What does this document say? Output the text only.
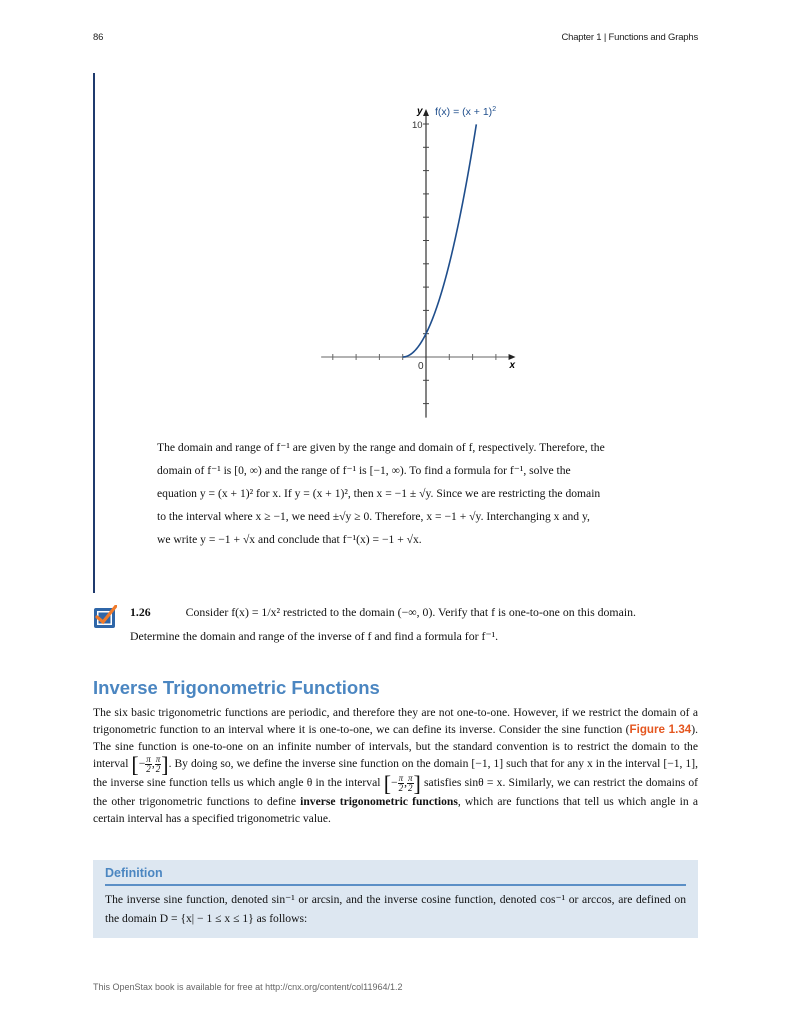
86	Chapter 1 | Functions and Graphs
y
x
0
10
$f(x) = (x + 1)^2$

The domain and range of f⁻¹ are given by the range and domain of f, respectively. Therefore, the

domain of f⁻¹ is [0, ∞) and the range of f⁻¹ is [−1, ∞). To find a formula for f⁻¹, solve the

equation y = (x + 1)² for x. If y = (x + 1)², then x = −1 ± √y. Since we are restricting the domain

to the interval where x ≥ −1, we need ±√y ≥ 0. Therefore, x = −1 + √y. Interchanging x and y,

we write y = −1 + √x and conclude that f⁻¹(x) = −1 + √x.

1.26	Consider f(x) = 1/x² restricted to the domain (−∞, 0). Verify that f is one-to-one on this domain.
Determine the domain and range of the inverse of f and find a formula for f⁻¹.
Inverse Trigonometric Functions

The six basic trigonometric functions are periodic, and therefore they are not one-to-one. However, if we restrict the domain of a trigonometric function to an interval where it is one-to-one, we can define its inverse. Consider the sine function (Figure 1.34). The sine function is one-to-one on an infinite number of intervals, but the standard convention is to restrict the domain to the interval [− $\frac{\pi}{2}$ , $\frac{\pi}{2}$ ]. By doing so, we define the inverse sine function on the domain [−1, 1] such that for any x in the interval [−1, 1], the inverse sine function tells us which angle θ in the interval [− $\frac{\pi}{2}$ , $\frac{\pi}{2}$ ] satisfies sinθ = x. Similarly, we can restrict the domains of the other trigonometric functions to define inverse trigonometric functions, which are functions that tell us which angle in a certain interval has a specified trigonometric value.

Definition
The inverse sine function, denoted sin⁻¹ or arcsin, and the inverse cosine function, denoted cos⁻¹ or arccos, are defined on the domain D = {x| − 1 ≤ x ≤ 1} as follows:
This OpenStax book is available for free at http://cnx.org/content/col11964/1.2
